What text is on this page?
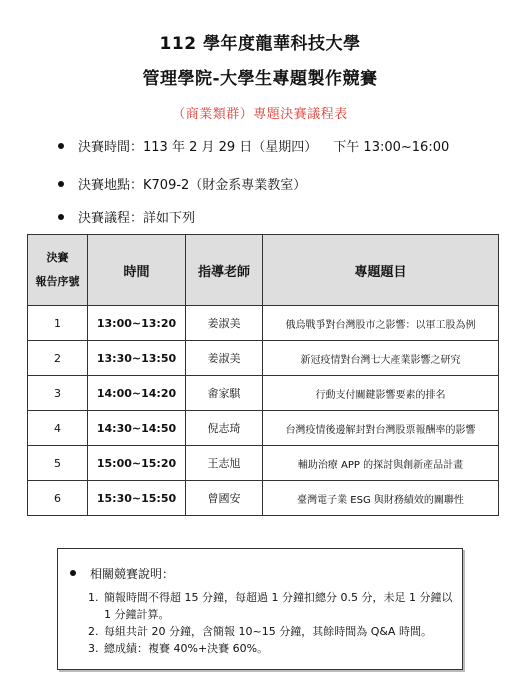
112 學年度龍華科技大學
管理學院-大學生專題製作競賽
（商業類群）專題決賽議程表
決賽時間：113 年 2 月 29 日（星期四） 下午 13:00~16:00
決賽地點：K709-2（財金系專業教室）
決賽議程：詳如下列
決賽
報告序號	時間	指導老師	專題題目
1	13:00~13:20	姜淑美	俄烏戰爭對台灣股市之影響：以軍工股為例
2	13:30~13:50	姜淑美	新冠疫情對台灣七大產業影響之研究
3	14:00~14:20	畬家騏	行動支付關鍵影響要素的排名
4	14:30~14:50	倪志琦	台灣疫情後邊解封對台灣股票報酬率的影響
5	15:00~15:20	王志旭	輔助治療 APP 的探討與創新產品計畫
6	15:30~15:50	曾國安	臺灣電子業 ESG 與財務績效的關聯性
相關競賽說明：
1. 簡報時間不得超 15 分鐘，每超過 1 分鐘扣總分 0.5 分，未足 1 分鐘以 1 分鐘計算。
2. 每組共計 20 分鐘，含簡報 10~15 分鐘，其餘時間為 Q&A 時間。
3. 總成績：複賽 40%+決賽 60%。
